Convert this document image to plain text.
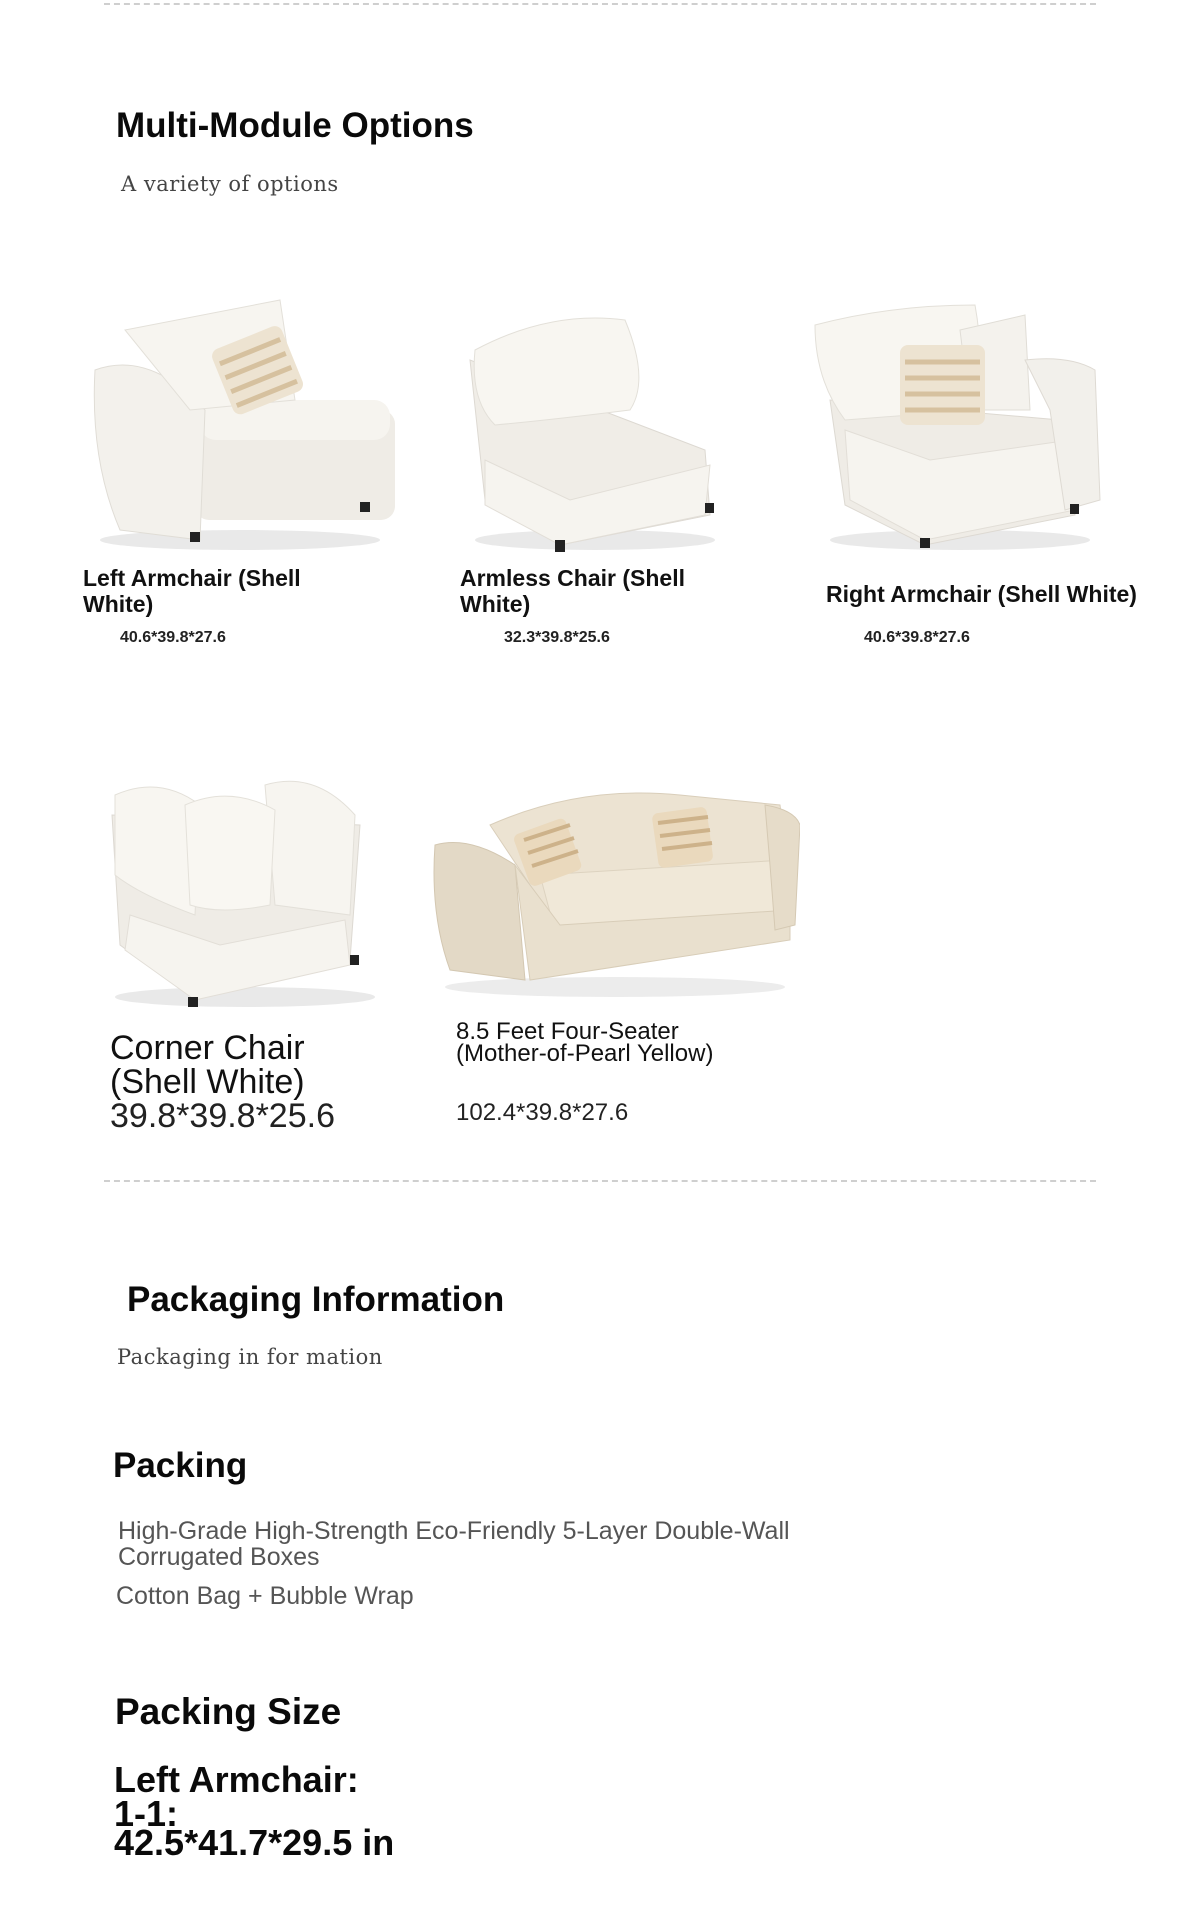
Multi-Module Options
A variety of options
Left Armchair (Shell White)
40.6*39.8*27.6
Armless Chair (Shell White)
32.3*39.8*25.6
Right Armchair (Shell White)
40.6*39.8*27.6
Corner Chair (Shell White)
39.8*39.8*25.6
8.5 Feet Four-Seater (Mother-of-Pearl Yellow)
102.4*39.8*27.6
Packaging Information
Packaging in for mation
Packing
High-Grade High-Strength Eco-Friendly 5-Layer Double-Wall Corrugated Boxes
Cotton Bag + Bubble Wrap
Packing Size
Left Armchair:
1-1:
42.5*41.7*29.5 in
